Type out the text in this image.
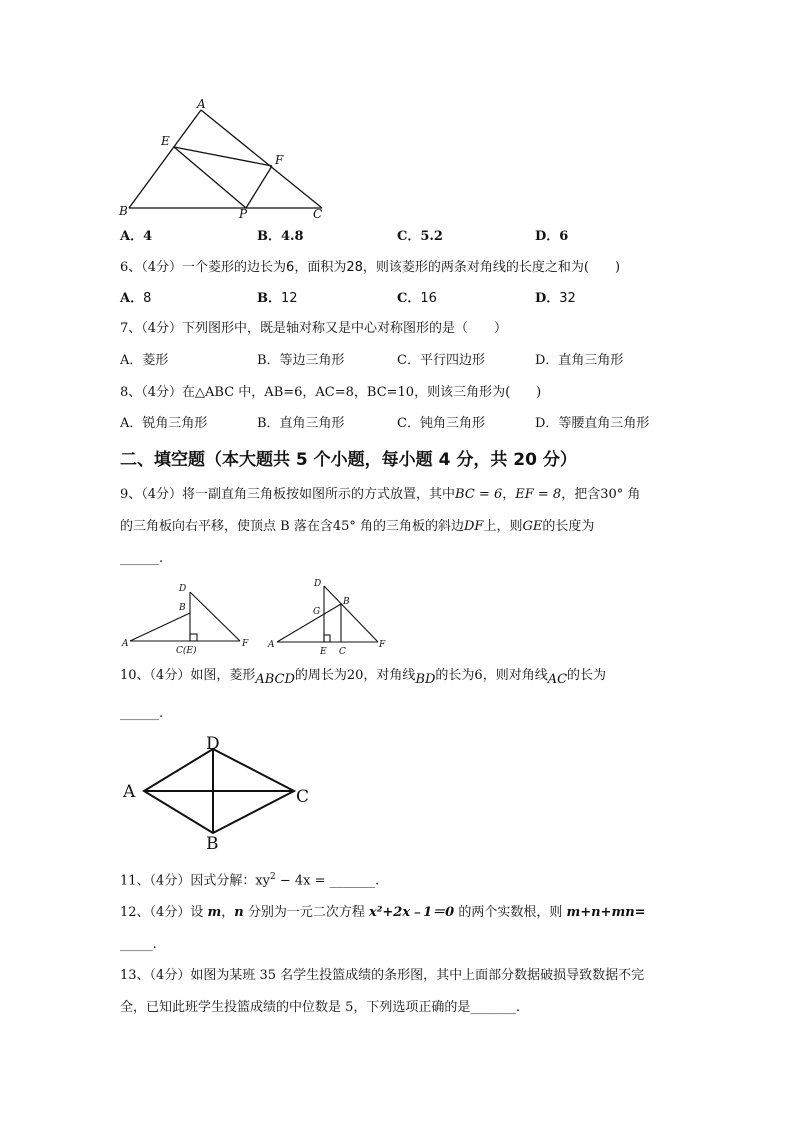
A
E
F
B	P	C
A．4	B．4.8	C．5.2	D．6
6、（4分）一个菱形的边长为6，面积为28，则该菱形的两条对角线的长度之和为(　　)
A．8	B．12	C．16	D．32
7、（4分）下列图形中，既是轴对称又是中心对称图形的是（　　）
A．菱形	B．等边三角形	C．平行四边形	D．直角三角形
8、（4分）在△ABC 中，AB=6，AC=8，BC=10，则该三角形为(　　)
A．锐角三角形	B．直角三角形	C．钝角三角形	D．等腰直角三角形
二、填空题（本大题共 5 个小题，每小题 4 分，共 20 分）
9、（4分）将一副直角三角板按如图所示的方式放置，其中BC = 6，EF = 8，把含30° 角
的三角板向右平移，使顶点 B 落在含45° 角的三角板的斜边DF上，则GE的长度为
______.
D
B
A	F
C(E)
D
B
G
A	F
E C
10、（4分）如图，菱形ABCD的周长为20，对角线BD的长为6，则对角线AC的长为
______.
D
A	C
B
11、（4分）因式分解：$xy^2 - 4x$ = _______.
12、（4分）设 m，n 分别为一元二次方程 x²+2x﹣1＝0 的两个实数根，则 m+n+mn=
_____.
13、（4分）如图为某班 35 名学生投篮成绩的条形图，其中上面部分数据破损导致数据不完
全，已知此班学生投篮成绩的中位数是 5，下列选项正确的是_______.
